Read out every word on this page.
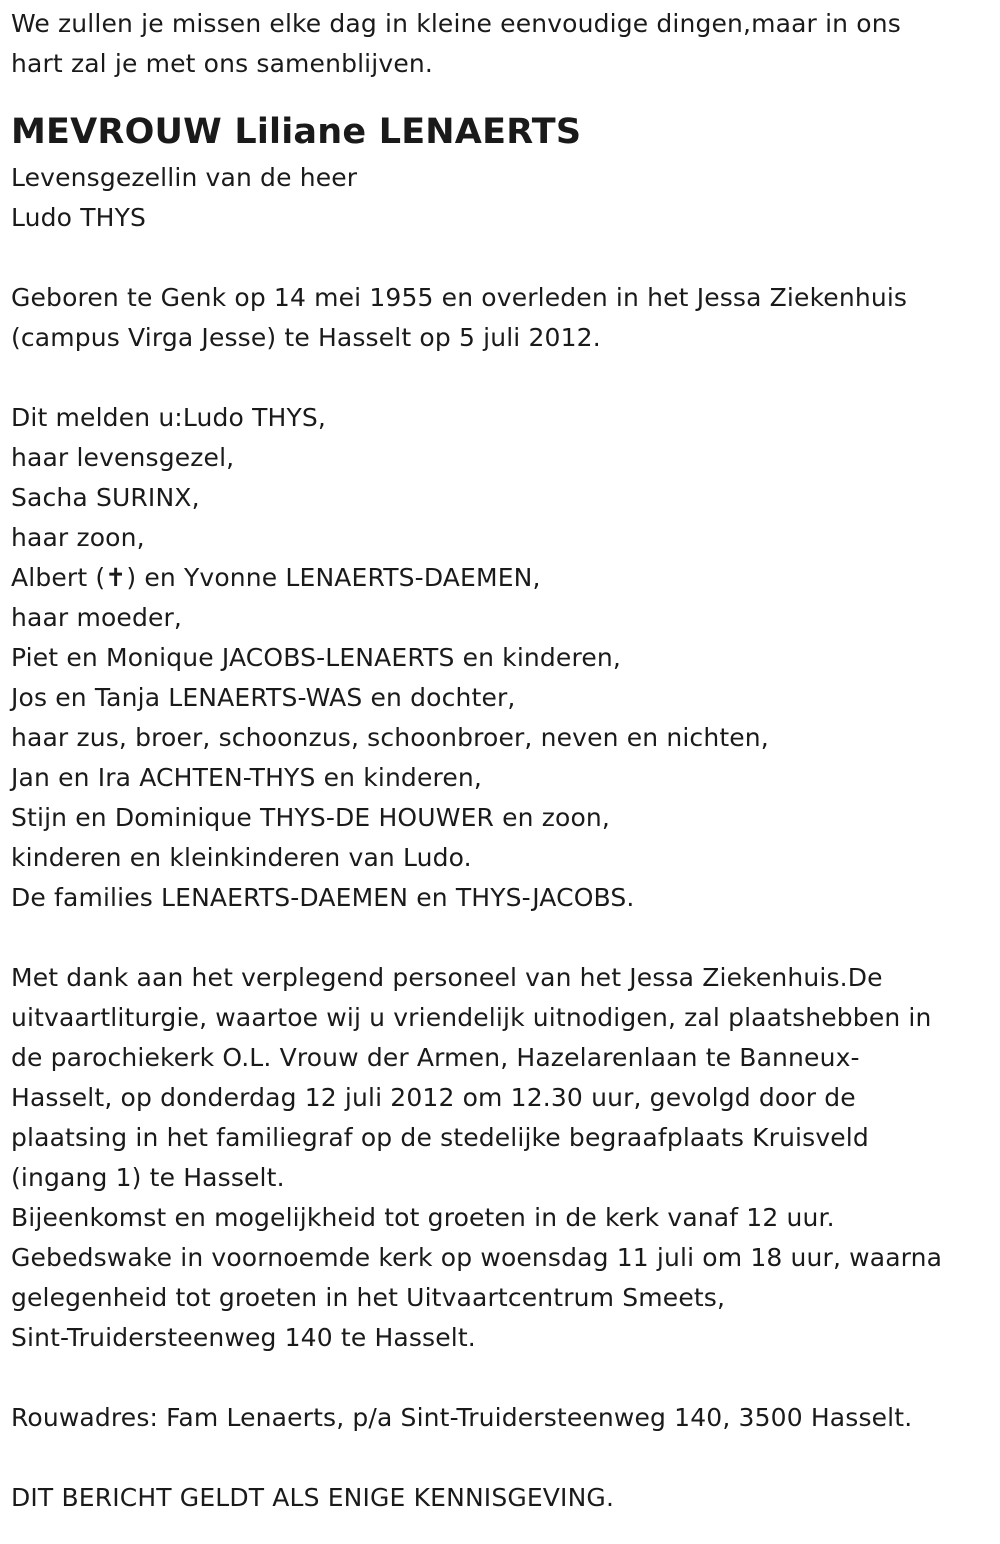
We zullen je missen elke dag in kleine eenvoudige dingen,maar in ons
hart zal je met ons samenblijven.
MEVROUW Liliane LENAERTS
Levensgezellin van de heer
Ludo THYS
Geboren te Genk op 14 mei 1955 en overleden in het Jessa Ziekenhuis
(campus Virga Jesse) te Hasselt op 5 juli 2012.
Dit melden u:Ludo THYS,
haar levensgezel,
Sacha SURINX,
haar zoon,
Albert (✝) en Yvonne LENAERTS-DAEMEN,
haar moeder,
Piet en Monique JACOBS-LENAERTS en kinderen,
Jos en Tanja LENAERTS-WAS en dochter,
haar zus, broer, schoonzus, schoonbroer, neven en nichten,
Jan en Ira ACHTEN-THYS en kinderen,
Stijn en Dominique THYS-DE HOUWER en zoon,
kinderen en kleinkinderen van Ludo.
De families LENAERTS-DAEMEN en THYS-JACOBS.
Met dank aan het verplegend personeel van het Jessa Ziekenhuis.De
uitvaartliturgie, waartoe wij u vriendelijk uitnodigen, zal plaatshebben in
de parochiekerk O.L. Vrouw der Armen, Hazelarenlaan te Banneux-
Hasselt, op donderdag 12 juli 2012 om 12.30 uur, gevolgd door de
plaatsing in het familiegraf op de stedelijke begraafplaats Kruisveld
(ingang 1) te Hasselt.
Bijeenkomst en mogelijkheid tot groeten in de kerk vanaf 12 uur.
Gebedswake in voornoemde kerk op woensdag 11 juli om 18 uur, waarna
gelegenheid tot groeten in het Uitvaartcentrum Smeets,
Sint-Truidersteenweg 140 te Hasselt.
Rouwadres: Fam Lenaerts, p/a Sint-Truidersteenweg 140, 3500 Hasselt.
DIT BERICHT GELDT ALS ENIGE KENNISGEVING.
